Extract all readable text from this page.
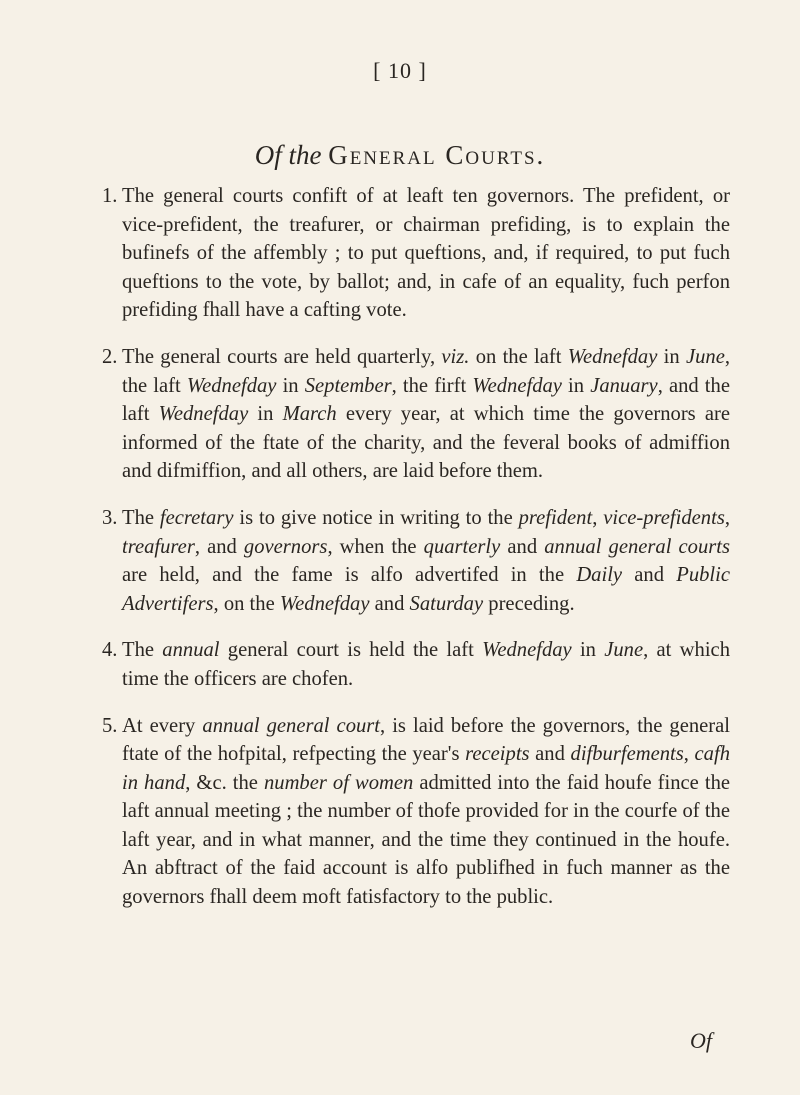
[ 10 ]
Of the General Courts.

1. The general courts confift of at leaft ten governors. The prefident, or vice-prefident, the treafurer, or chairman prefiding, is to explain the bufinefs of the affembly ; to put queftions, and, if required, to put fuch queftions to the vote, by ballot; and, in cafe of an equality, fuch perfon prefiding fhall have a cafting vote.

2. The general courts are held quarterly, viz. on the laft Wednefday in June, the laft Wednefday in September, the firft Wednefday in January, and the laft Wednefday in March every year, at which time the governors are informed of the ftate of the charity, and the feveral books of admiffion and difmiffion, and all others, are laid before them.

3. The fecretary is to give notice in writing to the prefident, vice-prefidents, treafurer, and governors, when the quarterly and annual general courts are held, and the fame is alfo advertifed in the Daily and Public Advertifers, on the Wednefday and Saturday preceding.

4. The annual general court is held the laft Wednefday in June, at which time the officers are chofen.

5. At every annual general court, is laid before the governors, the general ftate of the hofpital, refpecting the year's receipts and difburfements, cafh in hand, &c. the number of women admitted into the faid houfe fince the laft annual meeting ; the number of thofe provided for in the courfe of the laft year, and in what manner, and the time they continued in the houfe. An abftract of the faid account is alfo publifhed in fuch manner as the governors fhall deem moft fatisfactory to the public.

Of
